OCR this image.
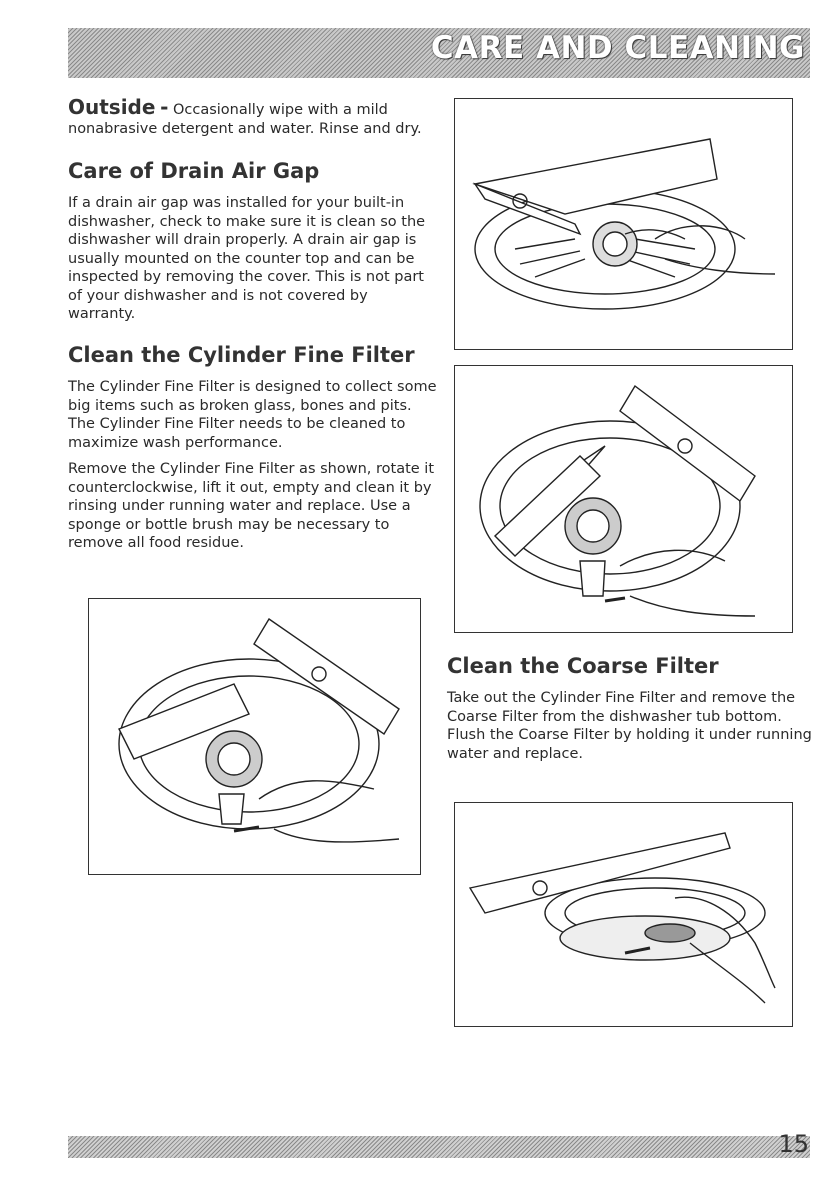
CARE AND CLEANING

Outside - Occasionally wipe with a mild nonabrasive detergent and water. Rinse and dry.

Care of Drain Air Gap

If a drain air gap was installed for your built-in dishwasher, check to make sure it is clean so the dishwasher will drain properly. A drain air gap is usually mounted on the counter top and can be inspected by removing the cover. This is not part of your dishwasher and is not covered by warranty.

Clean the Cylinder Fine Filter

The Cylinder Fine Filter is designed to collect some big items such as broken glass, bones and pits. The Cylinder Fine Filter needs to be cleaned to maximize wash performance.

Remove the Cylinder Fine Filter as shown, rotate it counterclockwise, lift it out, empty and clean it by rinsing under running water and replace. Use a sponge or bottle brush may be necessary to remove all food residue.

Clean the Coarse Filter

Take out the Cylinder Fine Filter and remove the Coarse Filter from the dishwasher tub bottom. Flush the Coarse Filter by holding it under running water and replace.

15
